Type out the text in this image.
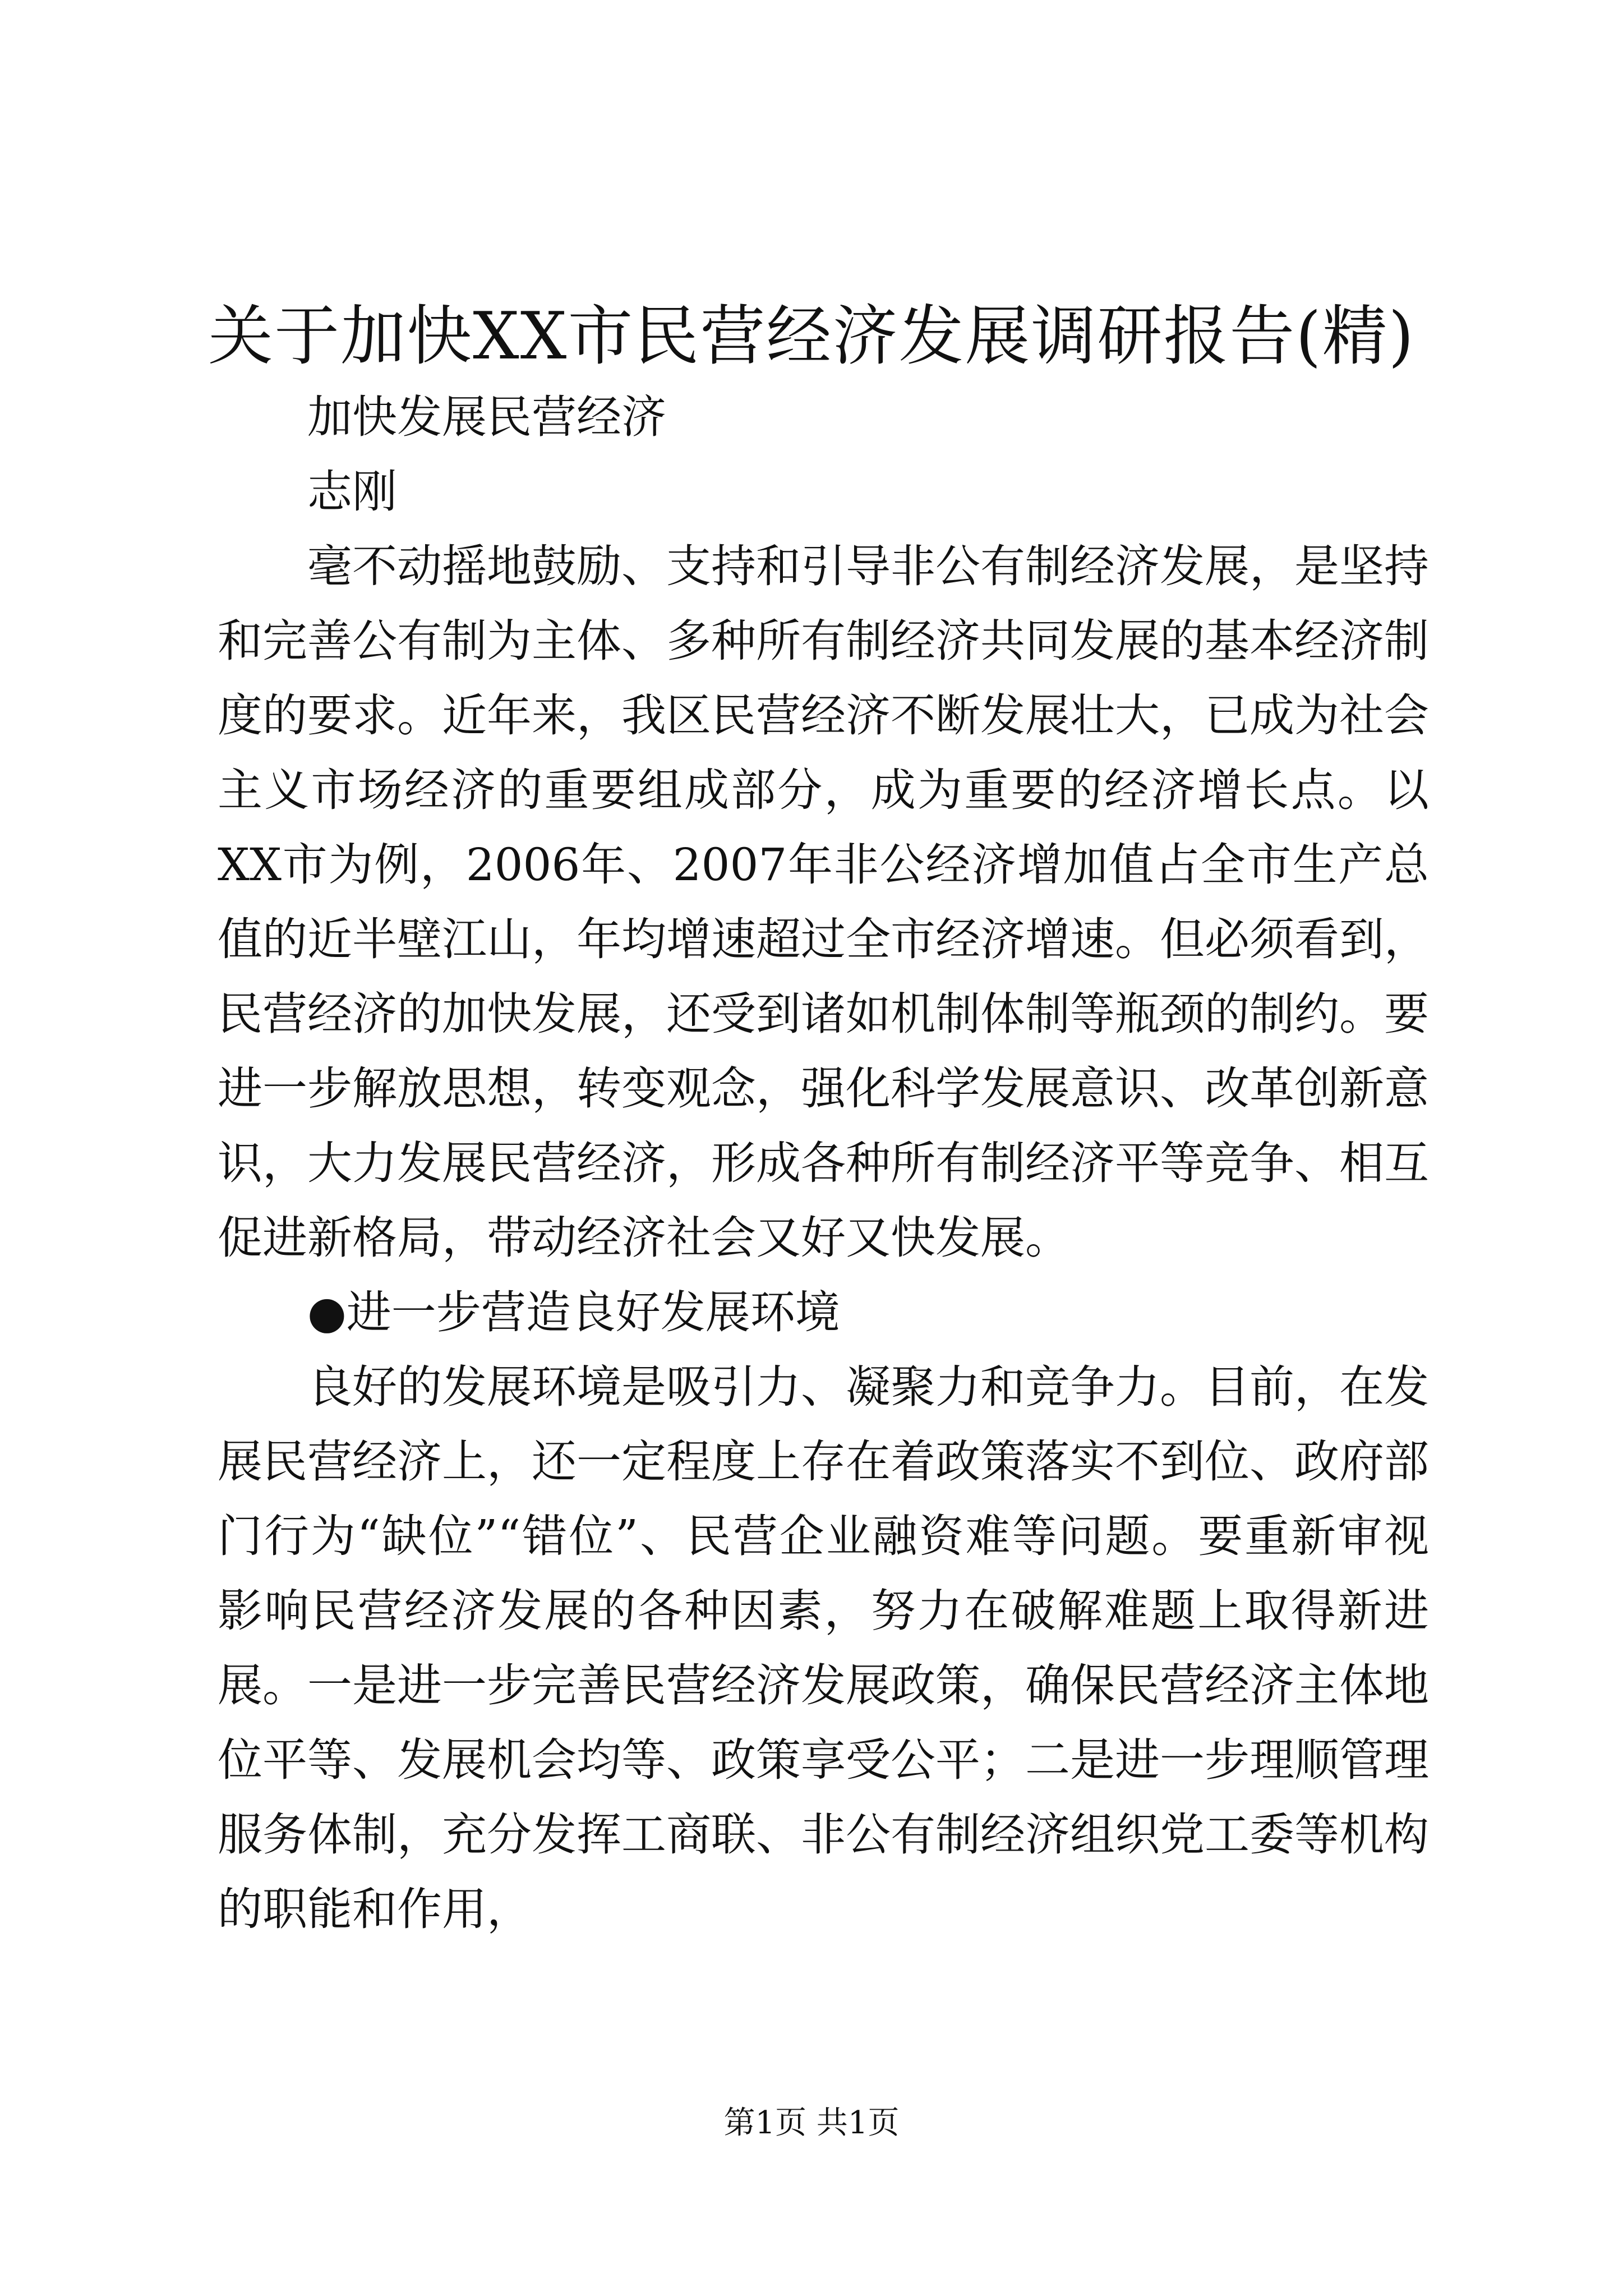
关于加快XX市民营经济发展调研报告(精)

加快发展民营经济

志刚

毫不动摇地鼓励、支持和引导非公有制经济发展，是坚持和完善公有制为主体、多种所有制经济共同发展的基本经济制度的要求。近年来，我区民营经济不断发展壮大，已成为社会主义市场经济的重要组成部分，成为重要的经济增长点。以XX市为例，2006年、2007年非公经济增加值占全市生产总值的近半壁江山，年均增速超过全市经济增速。但必须看到，民营经济的加快发展，还受到诸如机制体制等瓶颈的制约。要进一步解放思想，转变观念，强化科学发展意识、改革创新意识，大力发展民营经济，形成各种所有制经济平等竞争、相互促进新格局，带动经济社会又好又快发展。

●进一步营造良好发展环境

良好的发展环境是吸引力、凝聚力和竞争力。目前，在发展民营经济上，还一定程度上存在着政策落实不到位、政府部门行为“缺位”“错位”、民营企业融资难等问题。要重新审视影响民营经济发展的各种因素，努力在破解难题上取得新进展。一是进一步完善民营经济发展政策，确保民营经济主体地位平等、发展机会均等、政策享受公平；二是进一步理顺管理服务体制，充分发挥工商联、非公有制经济组织党工委等机构的职能和作用，

第1页 共1页
